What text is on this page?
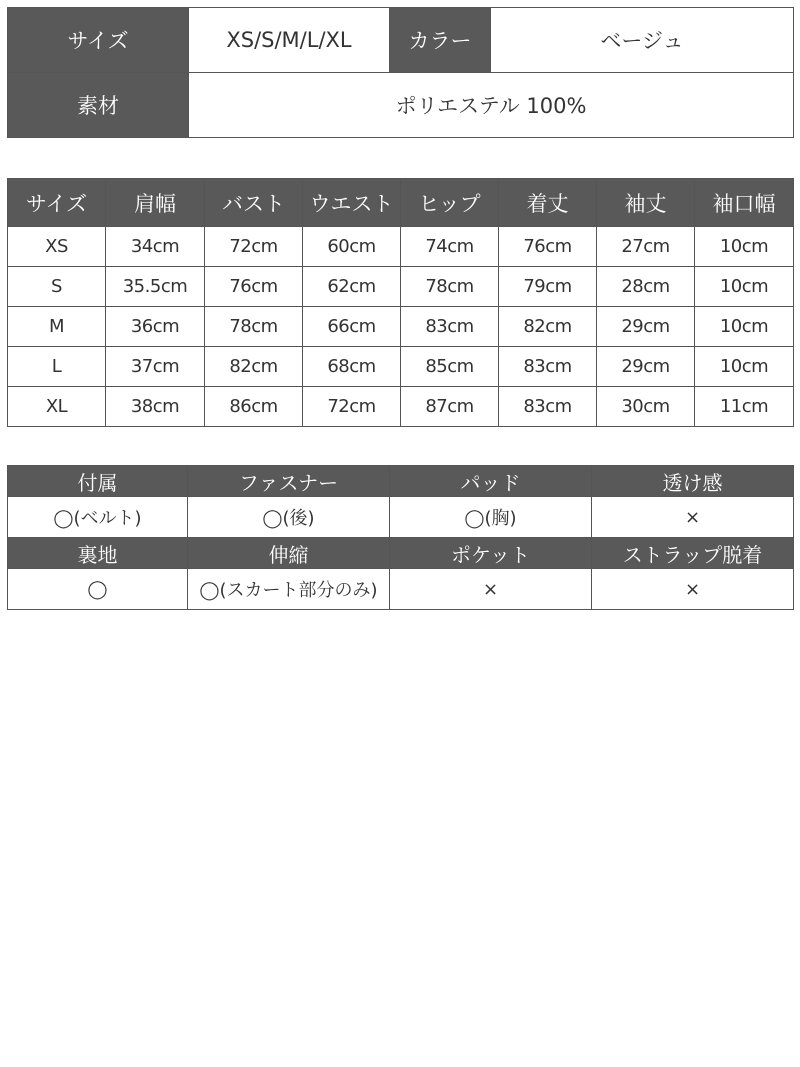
サイズ	XS/S/M/L/XL	カラー	ベージュ
素材	ポリエステル 100%		
サイズ	肩幅	バスト	ウエスト	ヒップ	着丈	袖丈	袖口幅
XS	34cm	72cm	60cm	74cm	76cm	27cm	10cm
S	35.5cm	76cm	62cm	78cm	79cm	28cm	10cm
M	36cm	78cm	66cm	83cm	82cm	29cm	10cm
L	37cm	82cm	68cm	85cm	83cm	29cm	10cm
XL	38cm	86cm	72cm	87cm	83cm	30cm	11cm
付属	ファスナー	パッド	透け感
◯(ベルト)	◯(後)	◯(胸)	×
裏地	伸縮	ポケット	ストラップ脱着
◯	◯(スカート部分のみ)	×	×
